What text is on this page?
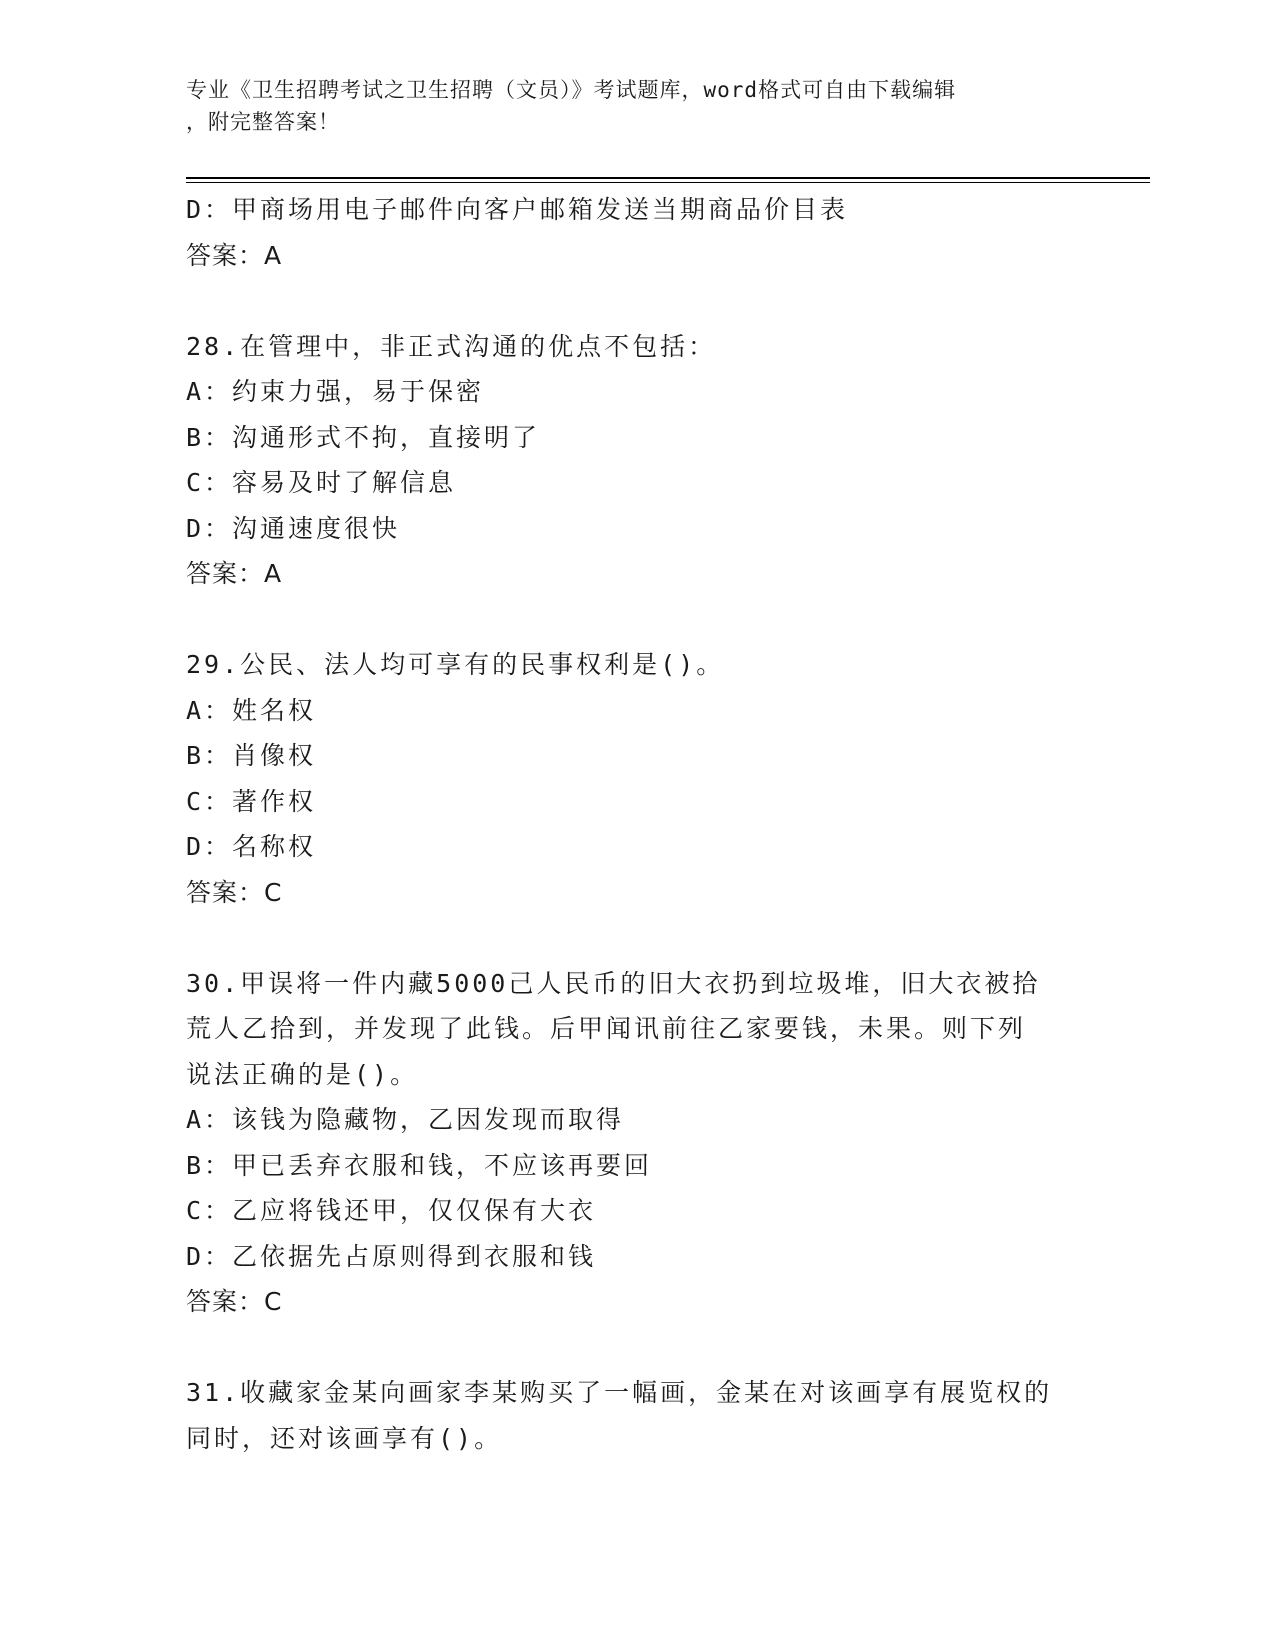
专业《卫生招聘考试之卫生招聘（文员）》考试题库，word格式可自由下载编辑
，附完整答案！
D：甲商场用电子邮件向客户邮箱发送当期商品价目表
答案：A
28.在管理中，非正式沟通的优点不包括：
A：约束力强，易于保密
B：沟通形式不拘，直接明了
C：容易及时了解信息
D：沟通速度很快
答案：A
29.公民、法人均可享有的民事权利是()。
A：姓名权
B：肖像权
C：著作权
D：名称权
答案：C
30.甲误将一件内藏5000己人民币的旧大衣扔到垃圾堆，旧大衣被拾
荒人乙拾到，并发现了此钱。后甲闻讯前往乙家要钱，未果。则下列
说法正确的是()。
A：该钱为隐藏物，乙因发现而取得
B：甲已丢弃衣服和钱，不应该再要回
C：乙应将钱还甲，仅仅保有大衣
D：乙依据先占原则得到衣服和钱
答案：C
31.收藏家金某向画家李某购买了一幅画，金某在对该画享有展览权的
同时，还对该画享有()。
